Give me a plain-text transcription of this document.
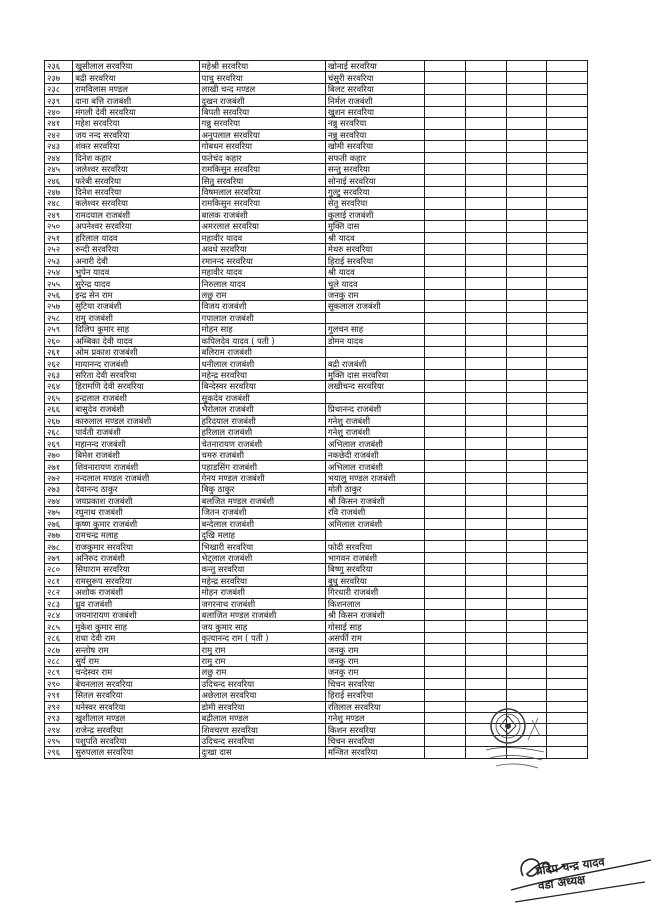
२३६	खुसीलाल सरवरिया	महेश्री सरवरिया	खोनाई सरवरिया				
२३७	बद्री सरवरिया	पाचु सरवरिया	चंसुरी सरवरिया				
२३८	रामविलास मण्डल	लाखी चन्द मण्डल	बिलट सरवरिया				
२३९	दाना बत्ति राजबंशी	दुखन राजबंशी	निर्मल राजबंशी				
२४०	मंगली देवी सरवरिया	बिपती सरवरिया	खुशन सरवरिया				
२४१	महेश सरवरिया	गन्नु सरवरिया	नन्नु सरवरिया				
२४२	जय नन्द सरवरिया	अनुपलाल सरवरिया	नन्नु सरवरिया				
२४३	शंकर सरवरिया	गोबधन सरवरिया	खोमी सरवरिया				
२४४	दिनेश कहार	फतेचंद कहार	सफती कहार				
२४५	जलेश्वर सरवरिया	रामकिसुन सरवरिया	सन्तु सरवरिया				
२४६	फरेबी सरवरिया	सितु सरवरिया	सोनाई सरवरिया				
२४७	दिनेश सरवरिया	विषमलाल सरवरिया	गुल्टु सरवरिया				
२४८	कलेश्वर सरवरिया	रामकिसुन सरवरिया	सेतु सरवरिया				
२४९	रामदयाल राजबंशी	बालक राजबंशी	कुलाई राजबंशी				
२५०	अपनेश्वर सरवरिया	अमरलाल सरवरिया	मुक्ति दास				
२५१	हरिलाल यादव	महावीर यादव	श्री यादव				
२५२	रुन्दी सरवरिया	अवधे सरवरिया	मेथरु सरवरिया				
२५३	अनारी देवी	रमानन्द सरवरिया	हिराई सरवरिया				
२५४	भुपेन यादव	महावीर यादव	श्री यादव				
२५५	सुरेन्द्र यादव	निरुलाल यादव	चुले यादव				
२५६	इन्द्र सेन राम	लछु राम	जनकु राम				
२५७	सुटिया राजबंशी	विजय राजबंशी	सुकलाल राजबंशी				
२५८	रामु राजबंशी	गपालाल राजबंशी					
२५९	दिलिप कुमार साह	मोहन साह	गुलचन साह				
२६०	अम्बिका देवी यादव	कपिलदेव यादव ( पती )	डोमन यादव				
२६१	ओम प्रकाश राजबंशी	बलिराम राजबंशी					
२६२	मायानन्द राजबंशी	धनीलाल राजबंशी	बद्री राजबंशी				
२६३	सरिता देवी सरवरिया	महेन्द्र सरवरिया	मुक्ति दास सरवरिया				
२६४	हिरामणि देवी सरवरिया	बिन्देस्वर सरवरिया	लखीचन्द सरवरिया				
२६५	इन्द्रलाल राजबंशी	सुकदेव राजबंशी					
२६६	बासुदेव राजबंशी	भैरोलाल राजबंशी	प्रिथानन्द राजबंशी				
२६७	कारुलाल मण्डल राजबंशी	हरिदयाल राजबंशी	गनेशु राजबंशी				
२६८	पार्वती राजबंशी	हरिलाल राजबंशी	गनेशु राजबंशी				
२६९	महानन्द राजबंशी	चेतनारायण राजबंशी	अभिलाल राजबंशी				
२७०	बिमेश राजबंशी	चमरु राजबंशी	नकछेदी राजबंशी				
२७१	शिवनारायण राजबंशी	पहाडसिंग राजबंशी	अभिलाल राजबंशी				
२७२	नन्दलाल मण्डल राजबंशी	गेनय मण्डल राजबंशी	भयालु मण्डल राजबंशी				
२७३	देवानन्द ठाकुर	बिकु ठाकुर	मोती ठाकुर				
२७४	जयप्रकाश राजबंशी	बलजित मण्डल राजबंशी	श्री किसन राजबंशी				
२७५	रघुनाथ राजबंशी	जितन राजबंशी	रवि राजबंशी				
२७६	कृष्ण कुमार राजबंशी	बन्देलाल राजबंशी	अमिलाल राजबंशी				
२७७	रामचन्द्र मलाह	दुखि मलाह					
२७८	राजकुमार सरवरिया	भिखारी सरवरिया	फोदी सरवरिया				
२७९	अनिरुद राजबंशी	भेट्लाल राजबंशी	भागवन राजबंशी				
२८०	सियाराम सरवरिया	कन्तु सरवरिया	बिष्णु सरवरिया				
२८१	रामसुरूप सरवरिया	महेन्द्र सरवरिया	बुधु सरवरिया				
२८२	अशोक राजबंशी	मोहन राजबंशी	गिरधारी राजबंशी				
२८३	ध्रुव राजबंशी	जगरनाथ राजबंशी	किशनलाल				
२८४	जयनारायण राजबंशी	बलाजित मण्डल राजबंशी	श्री किसन राजबंशी				
२८५	मुकेश कुमार साह	जय कुमार साह	गोसाई साह				
२८६	राधा देवी राम	कृत्यानन्द राम ( पती )	असर्फी राम				
२८७	सन्तोष राम	रामु राम	जनकु राम				
२८८	सुर्य राम	रामु राम	जनकु राम				
२८९	चन्देस्वर राम	लछु राम	जनकु राम				
२९०	बेचनलाल सरवरिया	उदिचन्द सरवरिया	चिचन सरवरिया				
२९१	सितल सरवरिया	अछेलाल सरवरिया	हिराई सरवरिया				
२९२	धनेस्वर सरवरिया	डोमी सरवरिया	रतिलाल सरवरिया				
२९३	खुशीलाल मण्डल	बद्रीलाल मण्डल	गनेशु मण्डल				
२९४	राजेन्द्र सरवरिया	शिवचरण सरवरिया	किशन सरवरिया				
२९५	पशुपति सरवरिया	उदिचन्द सरवरिया	चिचन सरवरिया				
२९६	सुरुपलाल सरवरिया	दुःखा दास	मन्जित सरवरिया				
प्रदिप चन्द्र यादव
वडा अध्यक्ष
